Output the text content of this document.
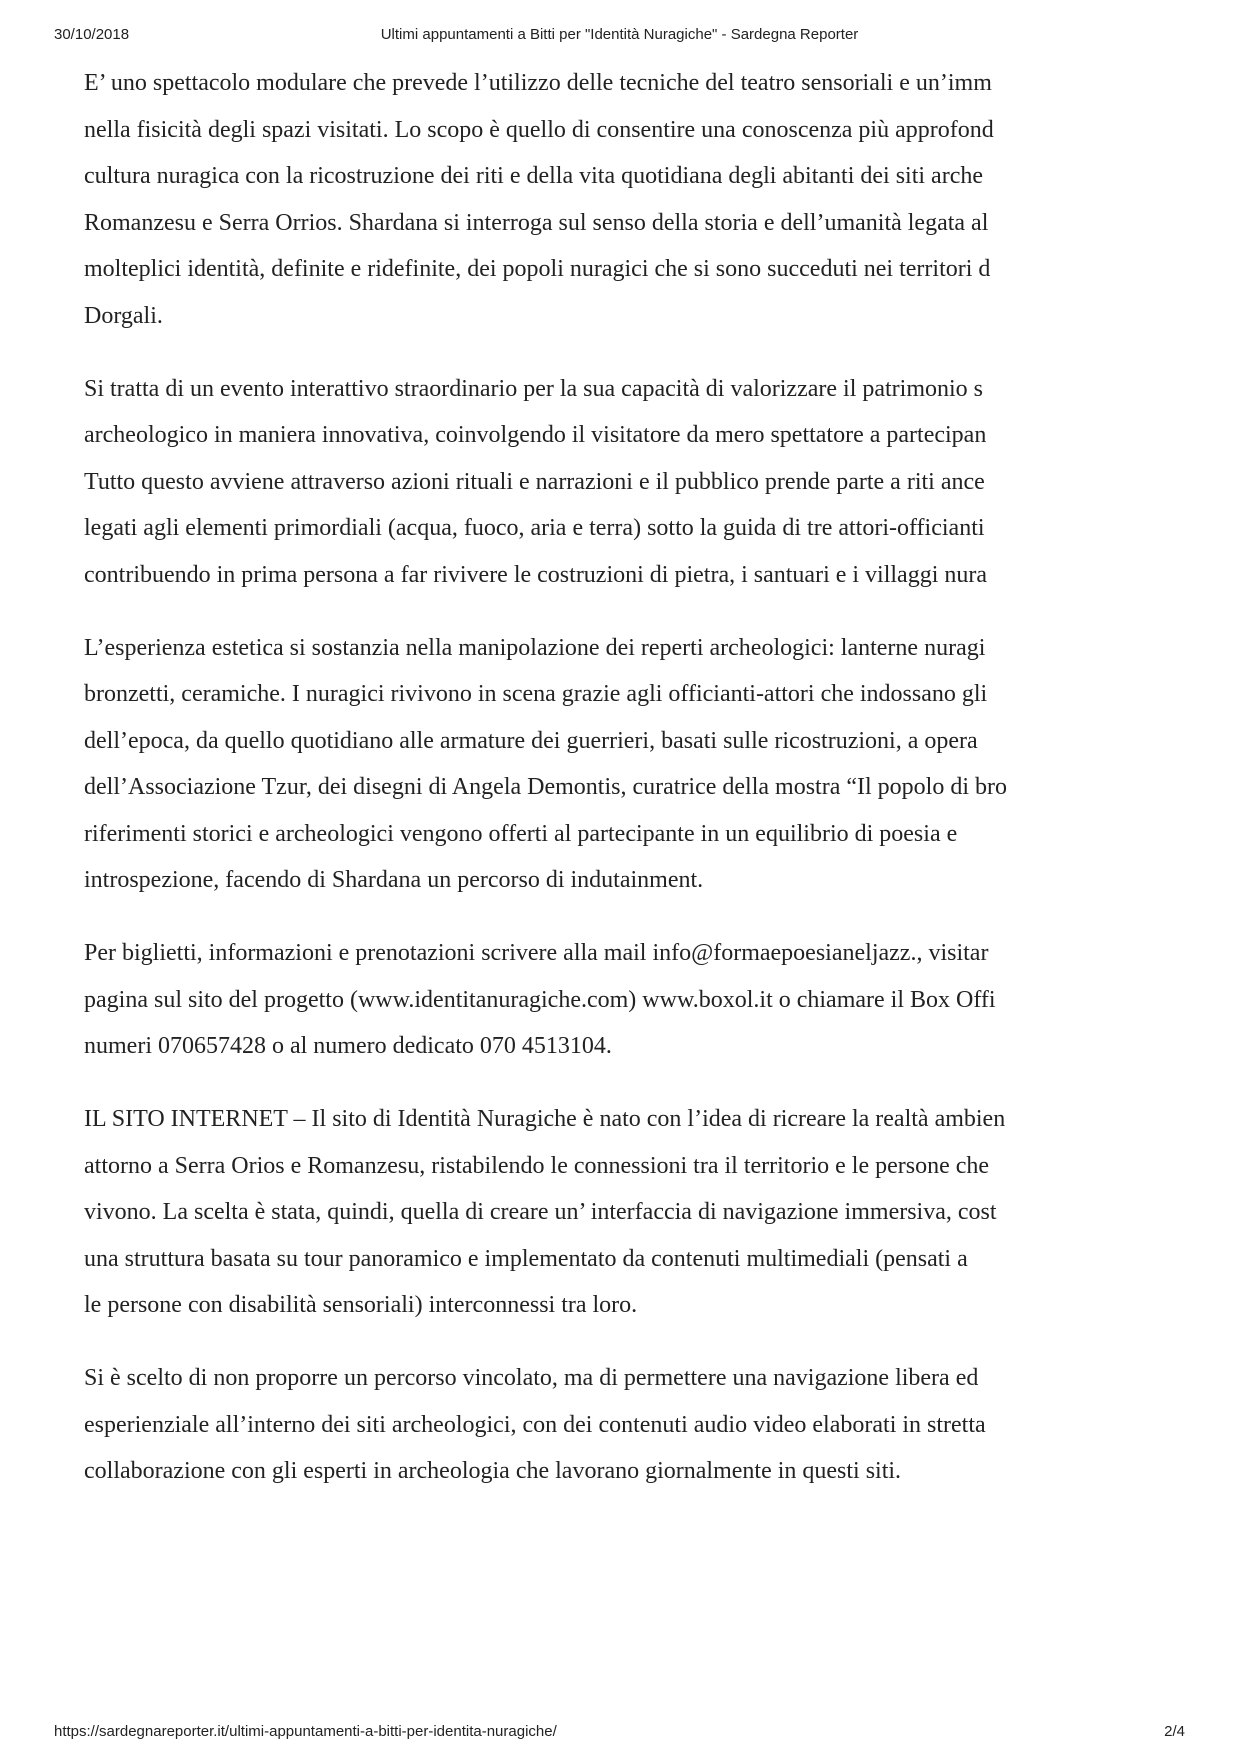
30/10/2018	Ultimi appuntamenti a Bitti per "Identità Nuragiche" - Sardegna Reporter

E’ uno spettacolo modulare che prevede l’utilizzo delle tecniche del teatro sensoriali e un’imm
nella fisicità degli spazi visitati. Lo scopo è quello di consentire una conoscenza più approfond
cultura nuragica con la ricostruzione dei riti e della vita quotidiana degli abitanti dei siti arche
Romanzesu e Serra Orrios. Shardana si interroga sul senso della storia e dell’umanità legata al
molteplici identità, definite e ridefinite, dei popoli nuragici che si sono succeduti nei territori d
Dorgali.

Si tratta di un evento interattivo straordinario per la sua capacità di valorizzare il patrimonio s
archeologico in maniera innovativa, coinvolgendo il visitatore da mero spettatore a partecipan
Tutto questo avviene attraverso azioni rituali e narrazioni e il pubblico prende parte a riti ance
legati agli elementi primordiali (acqua, fuoco, aria e terra) sotto la guida di tre attori-officianti
contribuendo in prima persona a far rivivere le costruzioni di pietra, i santuari e i villaggi nura

L’esperienza estetica si sostanzia nella manipolazione dei reperti archeologici: lanterne nuragi
bronzetti, ceramiche. I nuragici rivivono in scena grazie agli officianti-attori che indossano gli
dell’epoca, da quello quotidiano alle armature dei guerrieri, basati sulle ricostruzioni, a opera
dell’Associazione Tzur, dei disegni di Angela Demontis, curatrice della mostra “Il popolo di bro
riferimenti storici e archeologici vengono offerti al partecipante in un equilibrio di poesia e
introspezione, facendo di Shardana un percorso di indutainment.

Per biglietti, informazioni e prenotazioni scrivere alla mail info@formaepoesianeljazz., visitar
pagina sul sito del progetto (www.identitanuragiche.com) www.boxol.it o chiamare il Box Offi
numeri 070657428 o al numero dedicato 070 4513104.

IL SITO INTERNET – Il sito di Identità Nuragiche è nato con l’idea di ricreare la realtà ambien
attorno a Serra Orios e Romanzesu, ristabilendo le connessioni tra il territorio e le persone che
vivono. La scelta è stata, quindi, quella di creare un’ interfaccia di navigazione immersiva, cost
una struttura basata su tour panoramico e implementato da contenuti multimediali (pensati a
le persone con disabilità sensoriali) interconnessi tra loro.

Si è scelto di non proporre un percorso vincolato, ma di permettere una navigazione libera ed
esperienziale all’interno dei siti archeologici, con dei contenuti audio video elaborati in stretta
collaborazione con gli esperti in archeologia che lavorano giornalmente in questi siti.

https://sardegnareporter.it/ultimi-appuntamenti-a-bitti-per-identita-nuragiche/	2/4
